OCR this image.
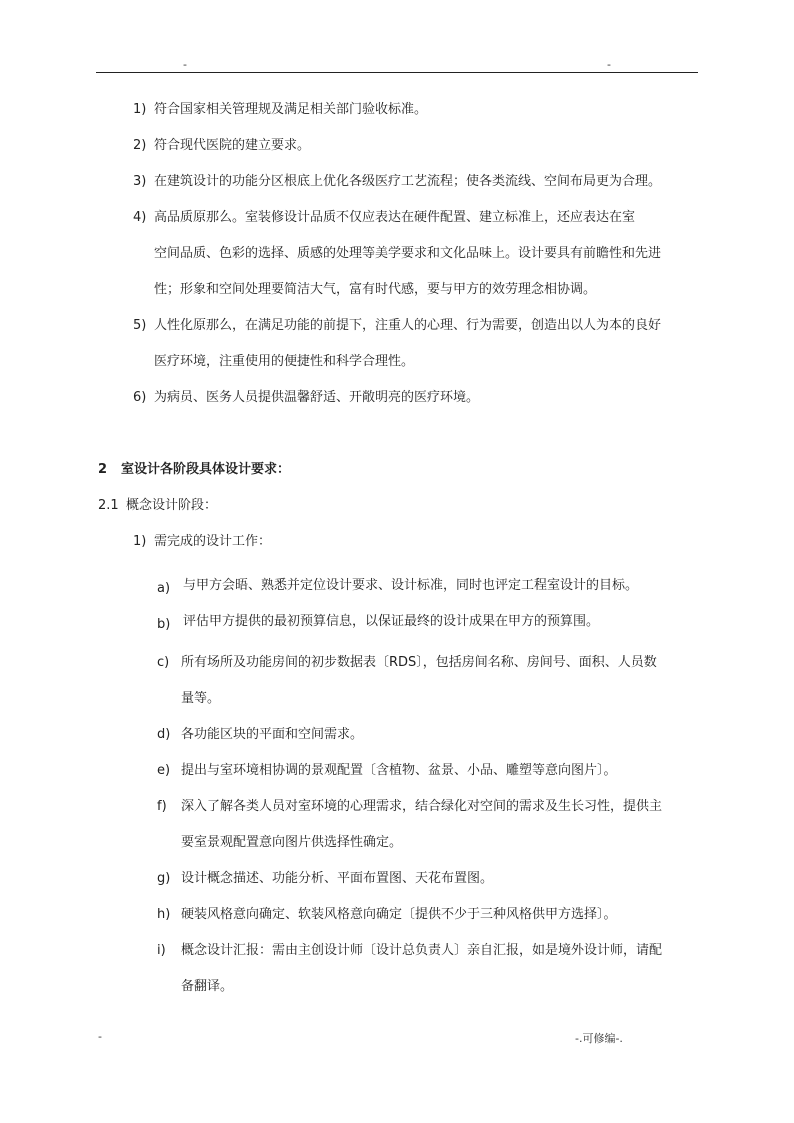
-	-
1) 符合国家相关管理规及满足相关部门验收标准。
2) 符合现代医院的建立要求。
3) 在建筑设计的功能分区根底上优化各级医疗工艺流程；使各类流线、空间布局更为合理。
4) 高品质原那么。室装修设计品质不仅应表达在硬件配置、建立标准上，还应表达在室
空间品质、色彩的选择、质感的处理等美学要求和文化品味上。设计要具有前瞻性和先进
性；形象和空间处理要简洁大气，富有时代感，要与甲方的效劳理念相协调。
5) 人性化原那么，在满足功能的前提下，注重人的心理、行为需要，创造出以人为本的良好
医疗环境，注重使用的便捷性和科学合理性。
6) 为病员、医务人员提供温馨舒适、开敞明亮的医疗环境。
2 室设计各阶段具体设计要求：
2.1 概念设计阶段：
1) 需完成的设计工作：
a) 与甲方会晤、熟悉并定位设计要求、设计标准，同时也评定工程室设计的目标。
b) 评估甲方提供的最初预算信息，以保证最终的设计成果在甲方的预算围。
c) 所有场所及功能房间的初步数据表〔RDS〕，包括房间名称、房间号、面积、人员数
量等。
d) 各功能区块的平面和空间需求。
e) 提出与室环境相协调的景观配置〔含植物、盆景、小品、雕塑等意向图片〕。
f) 深入了解各类人员对室环境的心理需求，结合绿化对空间的需求及生长习性，提供主
要室景观配置意向图片供选择性确定。
g) 设计概念描述、功能分析、平面布置图、天花布置图。
h) 硬装风格意向确定、软装风格意向确定〔提供不少于三种风格供甲方选择〕。
i) 概念设计汇报：需由主创设计师〔设计总负责人〕亲自汇报，如是境外设计师，请配
备翻译。
-	-.可修编-.
